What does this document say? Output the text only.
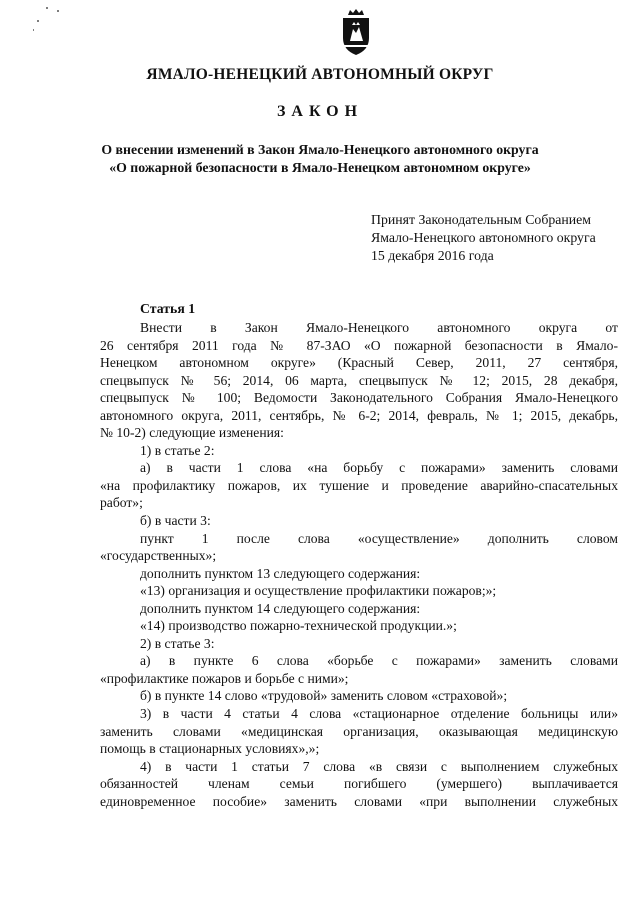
ЯМАЛО-НЕНЕЦКИЙ АВТОНОМНЫЙ ОКРУГ
ЗАКОН
О внесении изменений в Закон Ямало-Ненецкого автономного округа
«О пожарной безопасности в Ямало-Ненецком автономном округе»
Принят Законодательным Собранием
Ямало-Ненецкого автономного округа
15 декабря 2016 года
Статья 1
Внести в Закон Ямало-Ненецкого автономного округа от
26 сентября 2011 года № 87-ЗАО «О пожарной безопасности в Ямало-
Ненецком автономном округе» (Красный Север, 2011, 27 сентября,
спецвыпуск № 56; 2014, 06 марта, спецвыпуск № 12; 2015, 28 декабря,
спецвыпуск № 100; Ведомости Законодательного Собрания Ямало-Ненецкого
автономного округа, 2011, сентябрь, № 6-2; 2014, февраль, № 1; 2015, декабрь,
№ 10-2) следующие изменения:
1) в статье 2:
а) в части 1 слова «на борьбу с пожарами» заменить словами
«на профилактику пожаров, их тушение и проведение аварийно-спасательных
работ»;
б) в части 3:
пункт 1 после слова «осуществление» дополнить словом
«государственных»;
дополнить пунктом 13 следующего содержания:
«13) организация и осуществление профилактики пожаров;»;
дополнить пунктом 14 следующего содержания:
«14) производство пожарно-технической продукции.»;
2) в статье 3:
а) в пункте 6 слова «борьбе с пожарами» заменить словами
«профилактике пожаров и борьбе с ними»;
б) в пункте 14 слово «трудовой» заменить словом «страховой»;
3) в части 4 статьи 4 слова «стационарное отделение больницы или»
заменить словами «медицинская организация, оказывающая медицинскую
помощь в стационарных условиях»,»;
4) в части 1 статьи 7 слова «в связи с выполнением служебных
обязанностей членам семьи погибшего (умершего) выплачивается
единовременное пособие» заменить словами «при выполнении служебных
